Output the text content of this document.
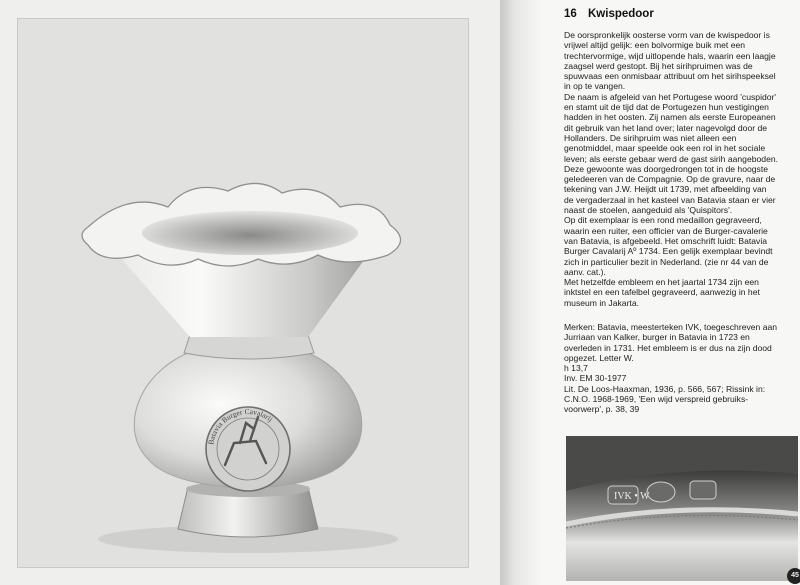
Batavia Burger Cavalarij
16 Kwispedoor
De oorspronkelijk oosterse vorm van de kwispedoor is
vrijwel altijd gelijk: een bolvormige buik met een
trechtervormige, wijd uitlopende hals, waarin een laagje
zaagsel werd gestopt. Bij het sirihpruimen was de
spuwvaas een onmisbaar attribuut om het sirihspeeksel
in op te vangen.
De naam is afgeleid van het Portugese woord 'cuspidor'
en stamt uit de tijd dat de Portugezen hun vestigingen
hadden in het oosten. Zij namen als eerste Europeanen
dit gebruik van het land over; later nagevolgd door de
Hollanders. De sirihpruim was niet alleen een
genotmiddel, maar speelde ook een rol in het sociale
leven; als eerste gebaar werd de gast sirih aangeboden.
Deze gewoonte was doorgedrongen tot in de hoogste
geledeeren van de Compagnie. Op de gravure, naar de
tekening van J.W. Heijdt uit 1739, met afbeelding van
de vergaderzaal in het kasteel van Batavia staan er vier
naast de stoelen, aangeduid als 'Quispitors'.
Op dit exemplaar is een rond medaillon gegraveerd,
waarin een ruiter, een officier van de Burger-cavalerie
van Batavia, is afgebeeld. Het omschrift luidt: Batavia
Burger Cavalarij Aº 1734. Een gelijk exemplaar bevindt
zich in particulier bezit in Nederland. (zie nr 44 van de
aanv. cat.).
Met hetzelfde embleem en het jaartal 1734 zijn een
inktstel en een tafelbel gegraveerd, aanwezig in het
museum in Jakarta.
Merken: Batavia, meesterteken IVK, toegeschreven aan
Jurriaan van Kalker, burger in Batavia in 1723 en
overleden in 1731. Het embleem is er dus na zijn dood
opgezet. Letter W.
h 13,7
Inv. EM 30-1977
Lit. De Loos-Haaxman, 1936, p. 566, 567; Rissink in:
C.N.O. 1968-1969, 'Een wijd verspreid gebruiks-
voorwerp', p. 38, 39
IVK • W
45
